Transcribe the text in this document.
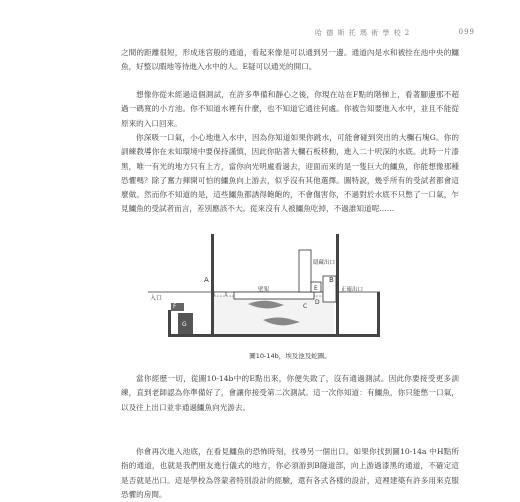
哈 德 斯 托 瑪 術 學 校 2	099

之間的距離很短，形成迷宮般的通道，看起來像是可以通到另一邊。通道內是水和被拴在池中央的鱷魚，好整以暇地等待進入水中的人。E疑可以通光的開口。

想像你從未經過這個測試，在許多準備和靜心之後，你現在站在F點的階梯上，看著腳邊那不超過一碼寬的小方池。你不知道水裡有什麼，也不知道它通往何處。你被告知要進入水中，並且不能從原來的入口回來。

你深吸一口氣，小心地進入水中，因為你知道如果你跳水，可能會碰到突出的大欄石塊G。你的訓練教導你在未知環境中要保持謹慎，因此你貼著大欄石板移動，進入二十呎深的水底。此時一片漆黑，唯一有光的地方只有上方，當你向光明處看過去，迎面而來的是一隻巨大的鱷魚，你能想像那種恐懼嗎？除了奮力揮開可怕的鱷魚向上游去，似乎沒有其他選擇。圖特說，幾乎所有的受試者都會這麼做。然而你不知道的是，這些鱷魚都誘得飽飽的，不會傷害你，不過對於水底不只憋了一口氣，乍見鱷魚的受試者而言，差別應該不大。從來沒有人被鱷魚吃掉，不過誰知道呢……

A	B
C
D
E
F
G
入口
隱藏出口
正確出口
壁架
圖10-14b，埃及池及蛇圖。

當你經歷一切，從圖10-14b中的E點出來，你便失敗了，沒有通過測試。因此你要接受更多訓練，直到老師認為你準備好了，會讓你接受第二次測試。這一次你知道：有鱷魚，你只能憋一口氣，以及往上出口並非通過鱷魚向光游去。

你會再次進入池底，在看見鱷魚的恐怖時刻，找尋另一個出口。如果你找到圖10-14a 中H點所指的通道，也就是我們朋友進行儀式的地方，你必須游到B隧道部，向上游過漆黑的通道，不確定這是否就是出口。這是學校為啓蒙者特別設計的經驗，還有各式各樣的設計，這裡建築有許多用來克服恐懼的房間。
